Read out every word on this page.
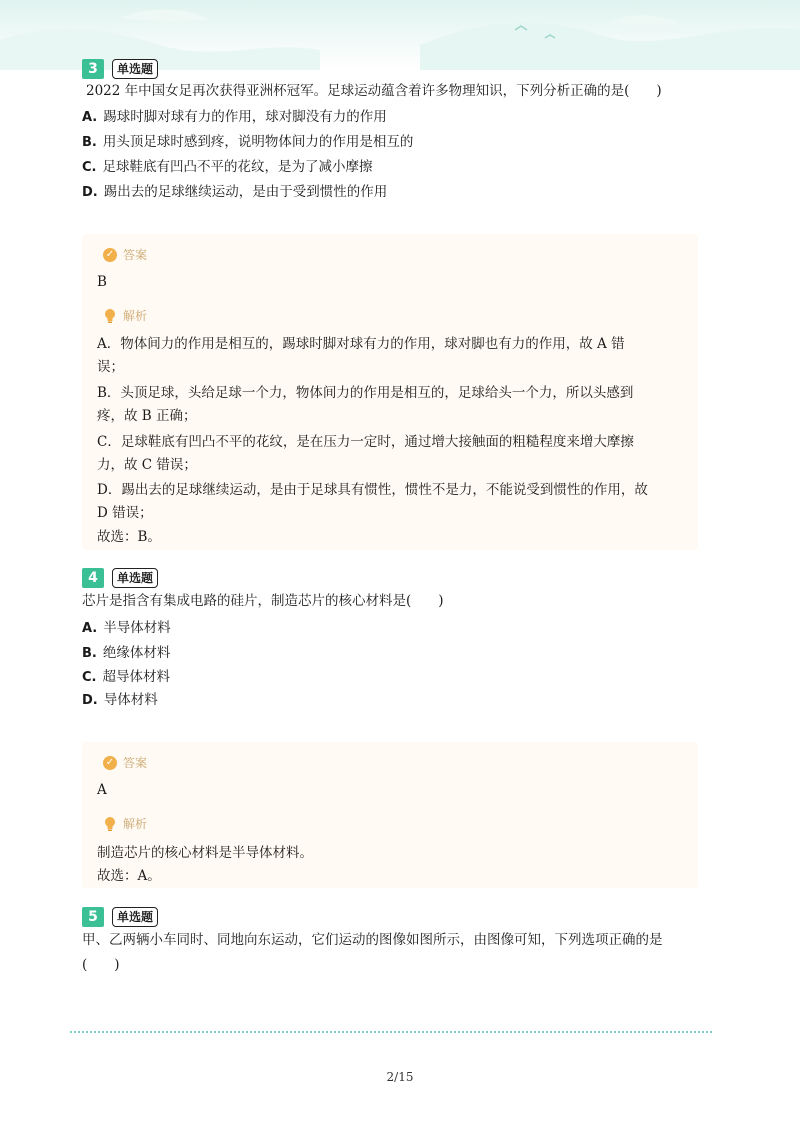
3	单选题
2022 年中国女足再次获得亚洲杯冠军。足球运动蕴含着许多物理知识，下列分析正确的是(　　)
A. 踢球时脚对球有力的作用，球对脚没有力的作用
B. 用头顶足球时感到疼，说明物体间力的作用是相互的
C. 足球鞋底有凹凸不平的花纹，是为了减小摩擦
D. 踢出去的足球继续运动，是由于受到惯性的作用
✓ 答案
B
解析
A．物体间力的作用是相互的，踢球时脚对球有力的作用，球对脚也有力的作用，故 A 错
误；
B．头顶足球，头给足球一个力，物体间力的作用是相互的，足球给头一个力，所以头感到
疼，故 B 正确；
C．足球鞋底有凹凸不平的花纹，是在压力一定时，通过增大接触面的粗糙程度来增大摩擦
力，故 C 错误；
D．踢出去的足球继续运动，是由于足球具有惯性，惯性不是力，不能说受到惯性的作用，故
D 错误；
故选：B。
4	单选题
芯片是指含有集成电路的硅片，制造芯片的核心材料是(　　)
A. 半导体材料
B. 绝缘体材料
C. 超导体材料
D. 导体材料
✓ 答案
A
解析
制造芯片的核心材料是半导体材料。
故选：A。
5	单选题
甲、乙两辆小车同时、同地向东运动，它们运动的图像如图所示，由图像可知，下列选项正确的是
(　　)
2/15
